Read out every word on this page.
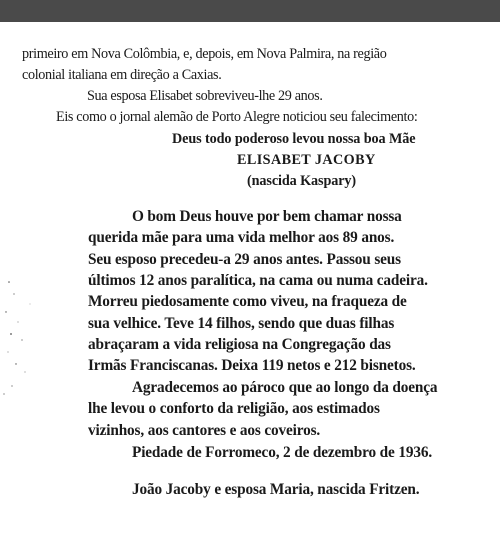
primeiro em Nova Colômbia, e, depois, em Nova Palmira, na região
colonial italiana em direção a Caxias.
Sua esposa Elisabet sobreviveu-lhe 29 anos.
Eis como o jornal alemão de Porto Alegre noticiou seu falecimento:
Deus todo poderoso levou nossa boa Mãe
ELISABET JACOBY
(nascida Kaspary)
O bom Deus houve por bem chamar nossa
querida mãe para uma vida melhor aos 89 anos.
Seu esposo precedeu-a 29 anos antes. Passou seus
últimos 12 anos paralítica, na cama ou numa cadeira.
Morreu piedosamente como viveu, na fraqueza de
sua velhice. Teve 14 filhos, sendo que duas filhas
abraçaram a vida religiosa na Congregação das
Irmãs Franciscanas. Deixa 119 netos e 212 bisnetos.
Agradecemos ao pároco que ao longo da doença
lhe levou o conforto da religião, aos estimados
vizinhos, aos cantores e aos coveiros.
Piedade de Forromeco, 2 de dezembro de 1936.
João Jacoby e esposa Maria, nascida Fritzen.
